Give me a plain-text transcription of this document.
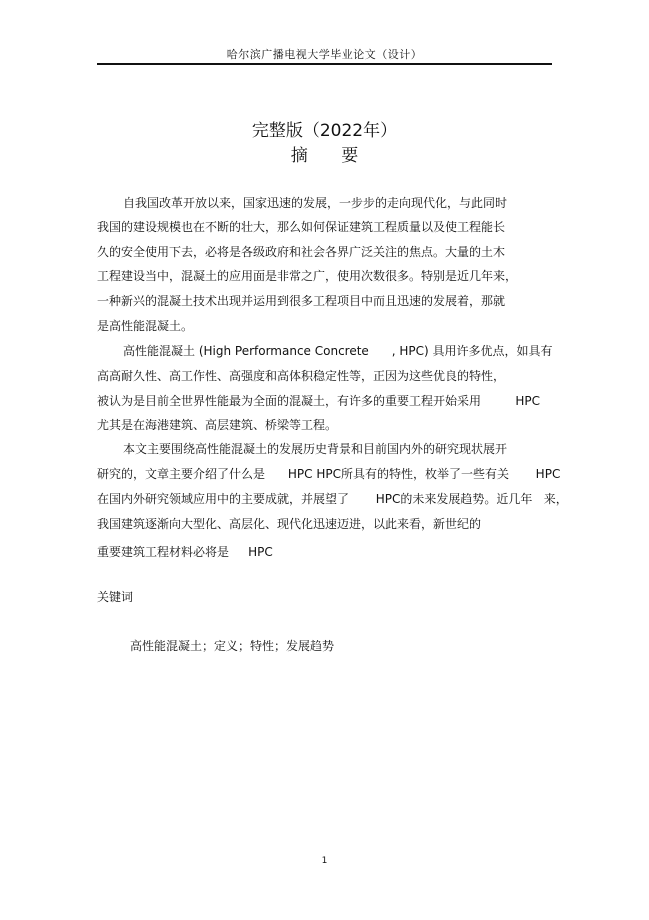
哈尔滨广播电视大学毕业论文（设计）
完整版（2022年）
摘 要
自我国改革开放以来，国家迅速的发展，一步步的走向现代化，与此同时
我国的建设规模也在不断的壮大，那么如何保证建筑工程质量以及使工程能长
久的安全使用下去，必将是各级政府和社会各界广泛关注的焦点。大量的土木
工程建设当中，混凝土的应用面是非常之广，使用次数很多。特别是近几年来，
一种新兴的混凝土技术出现并运用到很多工程项目中而且迅速的发展着，那就
是高性能混凝土。
高性能混凝土 (High Performance Concrete      , HPC) 具用许多优点，如具有
高高耐久性、高工作性、高强度和高体积稳定性等，正因为这些优良的特性，
被认为是目前全世界性能最为全面的混凝土，有许多的重要工程开始采用         HPC
尤其是在海港建筑、高层建筑、桥梁等工程。
本文主要围绕高性能混凝土的发展历史背景和目前国内外的研究现状展开
研究的，文章主要介绍了什么是      HPC HPC所具有的特性，枚举了一些有关       HPC
在国内外研究领域应用中的主要成就，并展望了       HPC的未来发展趋势。近几年   来，
我国建筑逐渐向大型化、高层化、现代化迅速迈进，以此来看，新世纪的
重要建筑工程材料必将是     HPC
关键词
高性能混凝土；定义；特性；发展趋势
1
